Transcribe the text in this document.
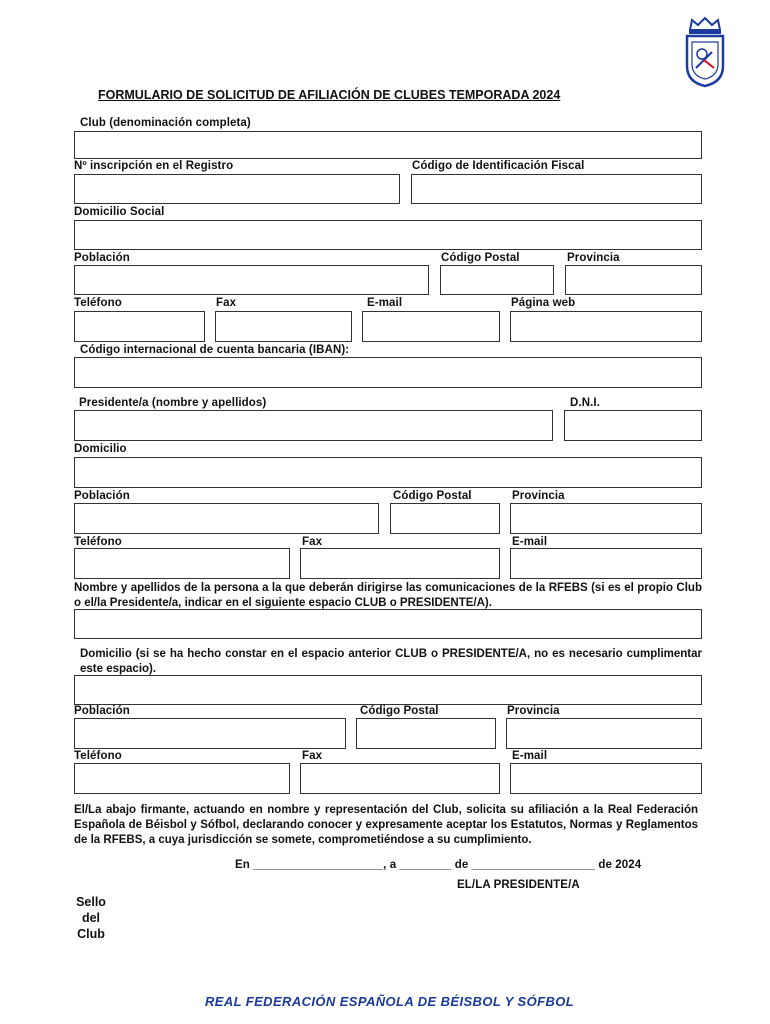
FORMULARIO DE SOLICITUD DE AFILIACIÓN DE CLUBES TEMPORADA 2024
Club (denominación completa)
Nº inscripción en el Registro	Código de Identificación Fiscal
Domicilio Social
Población	Código Postal	Provincia
Teléfono	Fax	E-mail	Página web
Código internacional de cuenta bancaria (IBAN):
Presidente/a (nombre y apellidos)	D.N.I.
Domicilio
Población	Código Postal	Provincia
Teléfono	Fax	E-mail
Nombre y apellidos de la persona a la que deberán dirigirse las comunicaciones de la RFEBS (si es el propio Club o el/la Presidente/a, indicar en el siguiente espacio CLUB o PRESIDENTE/A).
Domicilio (si se ha hecho constar en el espacio anterior CLUB o PRESIDENTE/A, no es necesario cumplimentar este espacio).
Población	Código Postal	Provincia
Teléfono	Fax	E-mail
El/La abajo firmante, actuando en nombre y representación del Club, solicita su afiliación a la Real Federación Española de Béisbol y Sófbol, declarando conocer y expresamente aceptar los Estatutos, Normas y Reglamentos de la RFEBS, a cuya jurisdicción se somete, comprometiéndose a su cumplimiento.
En ____________________, a ________ de ___________________ de 2024
EL/LA PRESIDENTE/A
Sello
del
Club
REAL FEDERACIÓN ESPAÑOLA DE BÉISBOL Y SÓFBOL
